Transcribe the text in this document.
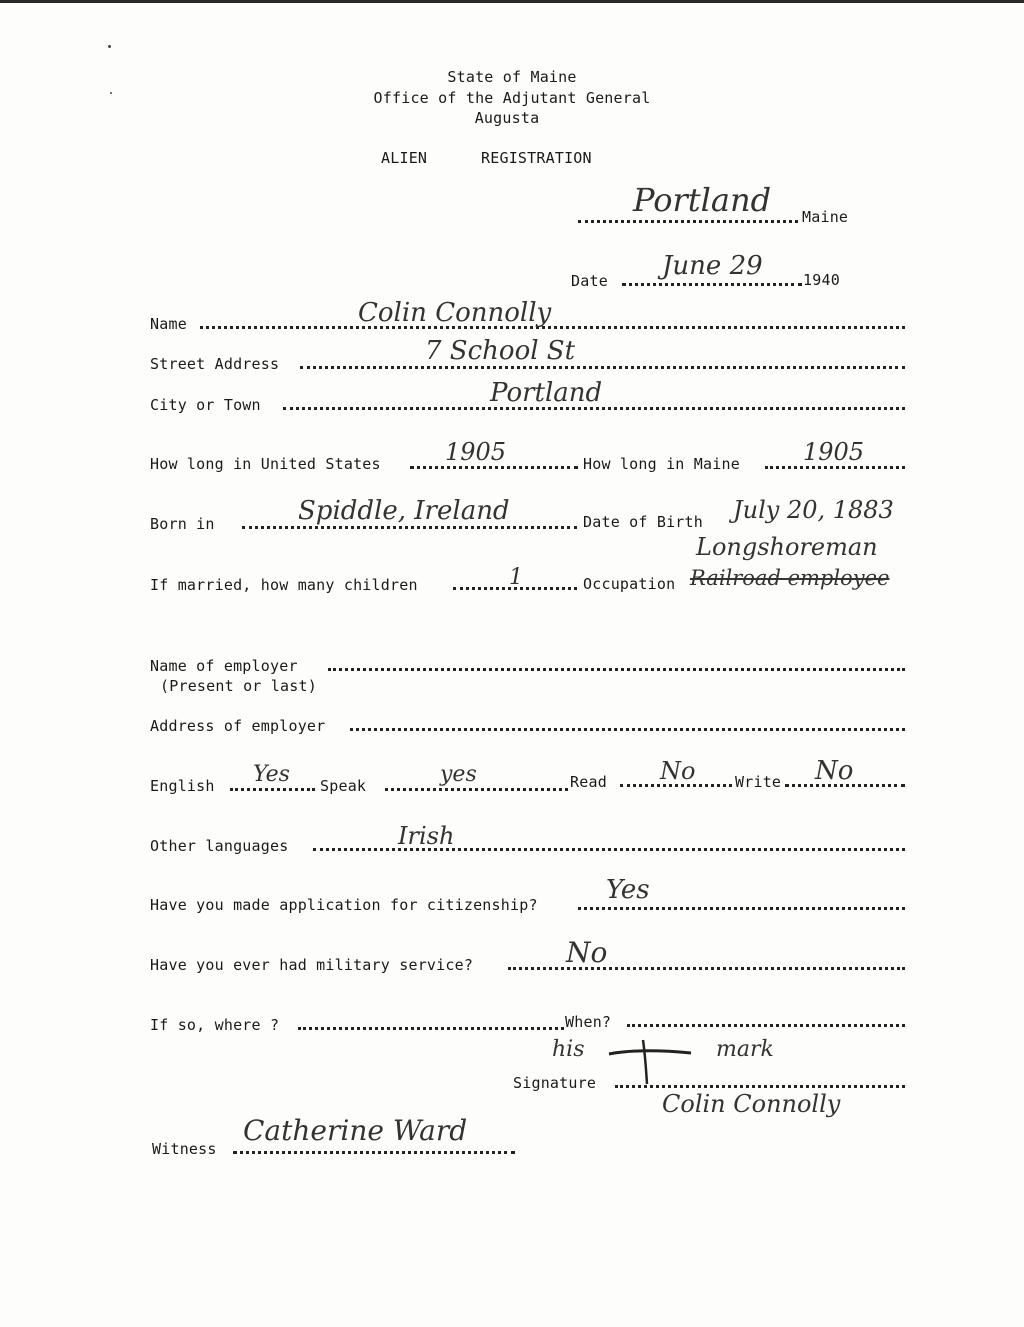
State of Maine
Office of the Adjutant General
Augusta
ALIEN	REGISTRATION
Portland Maine
Date June 29	1940
Name	Colin Connolly
Street Address	7 School St
City or Town	Portland
How long in United States	1905	How long in Maine	1905
Born in	Spiddle, Ireland	Date of Birth July 20, 1883
If married, how many children	1	Occupation
Longshoreman
Railroad employee
Name of employer
(Present or last)
Address of employer
English Yes Speak	yes	Read No	Write No
Other languages	Irish
Have you made application for citizenship?	Yes
Have you ever had military service?	No
If so, where ?	When?
his	mark
Signature
Colin Connolly
Witness
Catherine Ward
